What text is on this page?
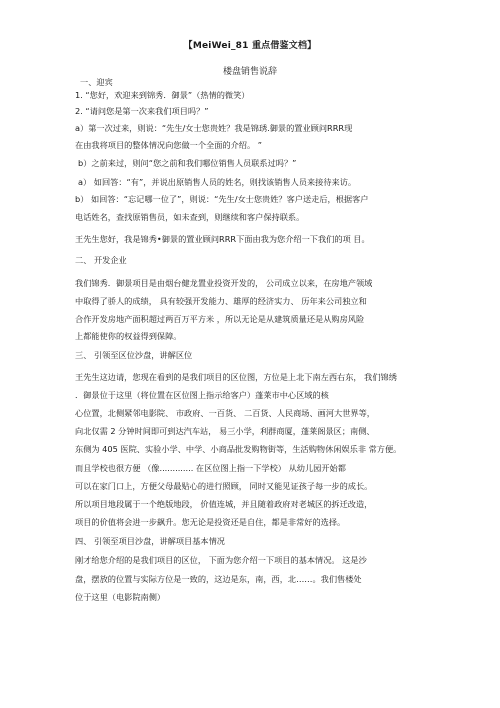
【MeiWei_81 重点借鉴文档】
楼盘销售说辞
一、迎宾
1. “您好，欢迎来到锦秀．御景”（热情的微笑）
2. “请问您是第一次来我们项目吗？”
a）第一次过来，则说：“先生/女士您贵姓？我是锦琇.御景的置业顾问RRR现
在由我将项目的整体情况向您做一个全面的介绍。 ”
b）之前来过，则问“您之前和我们哪位销售人员联系过吗？”
a） 如回答：“有”，并说出原销售人员的姓名，则找该销售人员来接待来访。
b） 如回答：“忘记哪一位了”，则说：“先生/女士您贵姓？客户送走后，根据客户
电话姓名，查找原销售员，如未查到，则继续和客户保持联系。
王先生您好，我是锦秀•御景的置业顾问RRR下面由我为您介绍一下我们的项 目。
二、 开发企业
我们锦秀．御景项目是由烟台健龙置业投资开发的， 公司成立以来，在房地产领域
中取得了骄人的成绩， 具有较强开发能力、雄厚的经济实力、 历年来公司独立和
合作开发房地产面积超过两百万平方米 ，所以无论是从建筑质量还是从购房风险
上都能使你的权益得到保障。
三、 引领至区位沙盘，讲解区位
王先生这边请，您现在看到的是我们项目的区位图，方位是上北下南左西右东， 我们锦绣
．御景位于这里（将位置在区位图上指示给客户）蓬莱市中心区域的核
心位置，北侧紧邻电影院、 市政府、一百货、 二百货、人民商场、画河大世界等，
向北仅需 2 分钟时间即可到达汽车站， 易三小学，利群商厦，蓬莱阁景区；南侧、
东侧为 405 医院、实验小学、中学、小商品批发购物街等，生活购物休闲娱乐非 常方便。
而且学校也很方便 （像............. 在区位图上指一下学校） 从幼儿园开始都
可以在家门口上，方便父母最贴心的进行照顾， 同时又能见证孩子每一步的成长。
所以项目地段属于一个绝版地段， 价值连城，并且随着政府对老城区的拆迁改造，
项目的价值将会进一步飙升。您无论是投资还是自住，都是非常好的选择。
四、 引领至项目沙盘，讲解项目基本情况
刚才给您介绍的是我们项目的区位， 下面为您介绍一下项目的基本情况。 这是沙
盘，摆放的位置与实际方位是一致的，这边是东，南，西，北……。我们售楼处
位于这里（电影院南侧）
